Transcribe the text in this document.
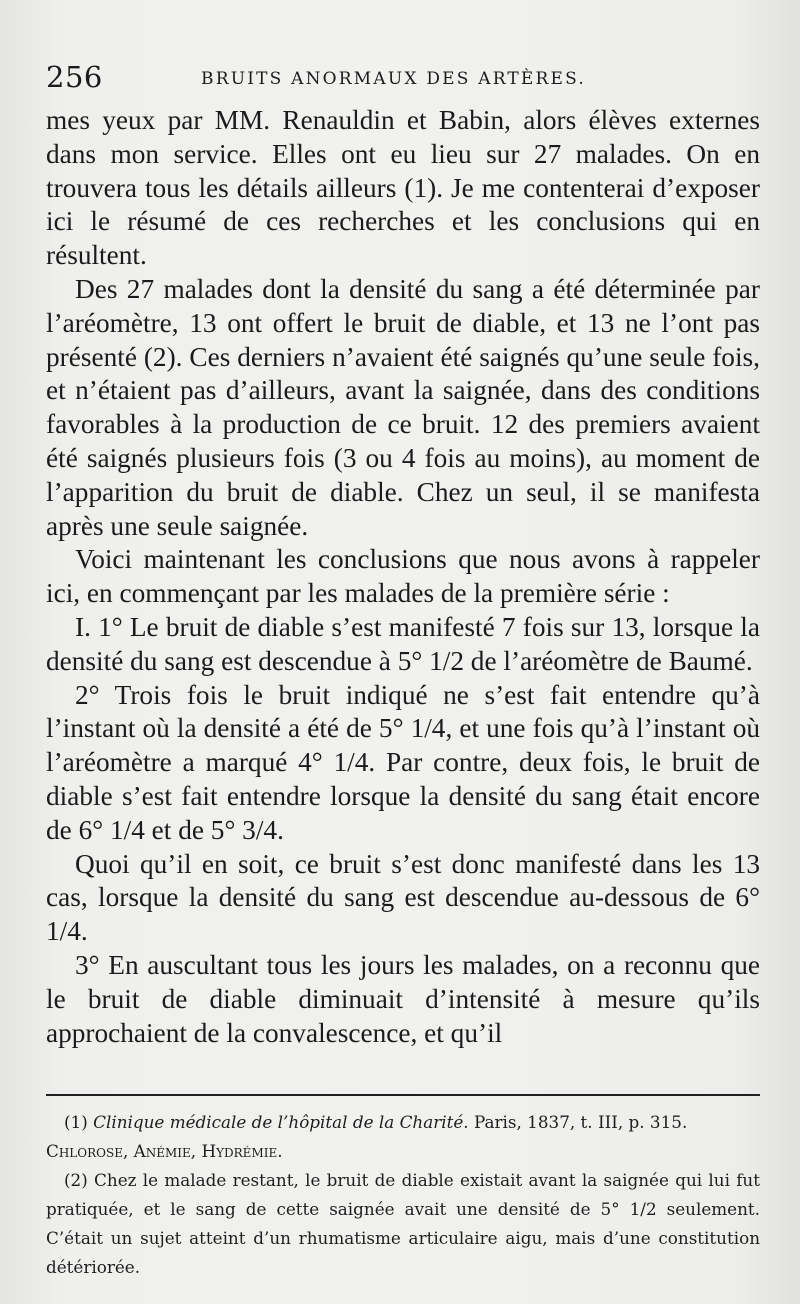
256	BRUITS ANORMAUX DES ARTÈRES.

mes yeux par MM. Renauldin et Babin, alors élèves externes dans mon service. Elles ont eu lieu sur 27 malades. On en trouvera tous les détails ailleurs (1). Je me contenterai d’exposer ici le résumé de ces recherches et les conclusions qui en résultent.

Des 27 malades dont la densité du sang a été déterminée par l’aréomètre, 13 ont offert le bruit de diable, et 13 ne l’ont pas présenté (2). Ces derniers n’avaient été saignés qu’une seule fois, et n’étaient pas d’ailleurs, avant la saignée, dans des conditions favorables à la production de ce bruit. 12 des premiers avaient été saignés plusieurs fois (3 ou 4 fois au moins), au moment de l’apparition du bruit de diable. Chez un seul, il se manifesta après une seule saignée.

Voici maintenant les conclusions que nous avons à rappeler ici, en commençant par les malades de la première série :

I. 1° Le bruit de diable s’est manifesté 7 fois sur 13, lorsque la densité du sang est descendue à 5° 1/2 de l’aréomètre de Baumé.

2° Trois fois le bruit indiqué ne s’est fait entendre qu’à l’instant où la densité a été de 5° 1/4, et une fois qu’à l’instant où l’aréomètre a marqué 4° 1/4. Par contre, deux fois, le bruit de diable s’est fait entendre lorsque la densité du sang était encore de 6° 1/4 et de 5° 3/4.

Quoi qu’il en soit, ce bruit s’est donc manifesté dans les 13 cas, lorsque la densité du sang est descendue au-dessous de 6° 1/4.

3° En auscultant tous les jours les malades, on a reconnu que le bruit de diable diminuait d’intensité à mesure qu’ils approchaient de la convalescence, et qu’il

(1) Clinique médicale de l’hôpital de la Charité. Paris, 1837, t. III, p. 315.

Chlorose, Anémie, Hydrémie.

(2) Chez le malade restant, le bruit de diable existait avant la saignée qui lui fut pratiquée, et le sang de cette saignée avait une densité de 5° 1/2 seulement. C’était un sujet atteint d’un rhumatisme articulaire aigu, mais d’une constitution détériorée.
